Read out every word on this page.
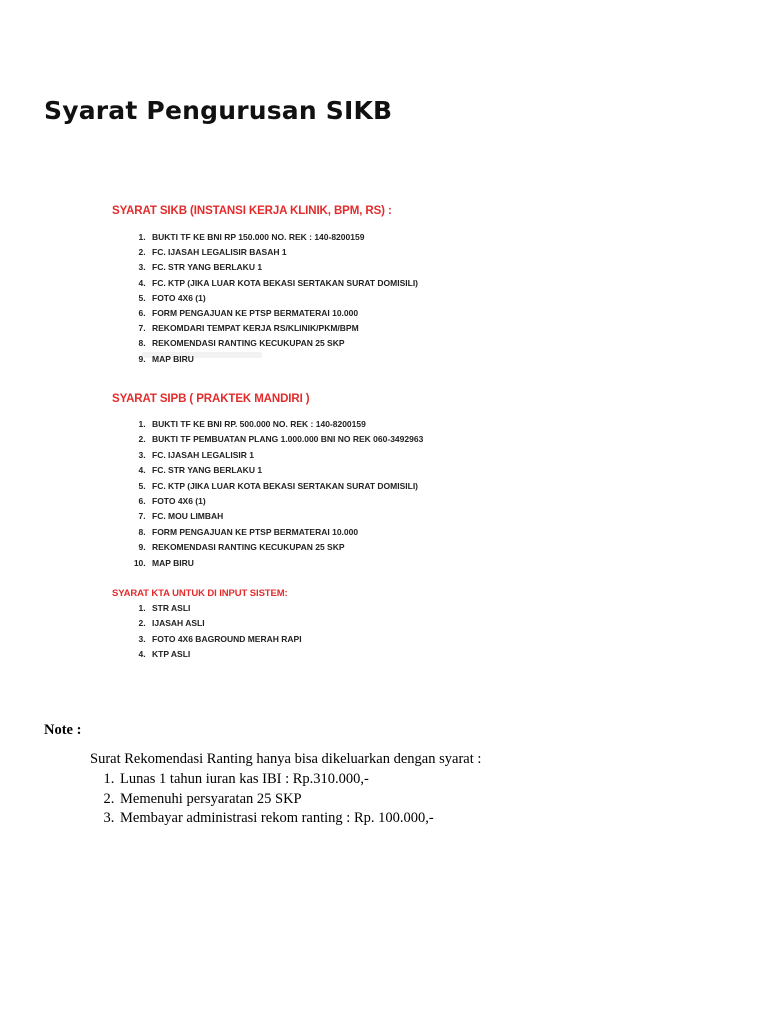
Syarat Pengurusan SIKB
SYARAT SIKB (INSTANSI KERJA KLINIK, BPM, RS) :
1. BUKTI TF KE BNI RP 150.000 NO. REK : 140-8200159
2. FC. IJASAH LEGALISIR BASAH 1
3. FC. STR YANG BERLAKU 1
4. FC. KTP (JIKA LUAR KOTA BEKASI SERTAKAN SURAT DOMISILI)
5. FOTO 4X6 (1)
6. FORM PENGAJUAN KE PTSP BERMATERAI 10.000
7. REKOMDARI TEMPAT KERJA RS/KLINIK/PKM/BPM
8. REKOMENDASI RANTING KECUKUPAN 25 SKP
9. MAP BIRU
SYARAT SIPB ( PRAKTEK MANDIRI )
1. BUKTI TF KE BNI RP. 500.000 NO. REK : 140-8200159
2. BUKTI TF PEMBUATAN PLANG 1.000.000 BNI NO REK 060-3492963
3. FC. IJASAH LEGALISIR 1
4. FC. STR YANG BERLAKU 1
5. FC. KTP (JIKA LUAR KOTA BEKASI SERTAKAN SURAT DOMISILI)
6. FOTO 4X6 (1)
7. FC. MOU LIMBAH
8. FORM PENGAJUAN KE PTSP BERMATERAI 10.000
9. REKOMENDASI RANTING KECUKUPAN 25 SKP
10. MAP BIRU
SYARAT KTA UNTUK DI INPUT SISTEM:
1. STR ASLI
2. IJASAH ASLI
3. FOTO 4X6 BAGROUND MERAH RAPI
4. KTP ASLI
Note :
Surat Rekomendasi Ranting hanya bisa dikeluarkan dengan syarat :
1. Lunas 1 tahun iuran kas IBI : Rp.310.000,-
2. Memenuhi persyaratan 25 SKP
3. Membayar administrasi rekom ranting : Rp. 100.000,-
